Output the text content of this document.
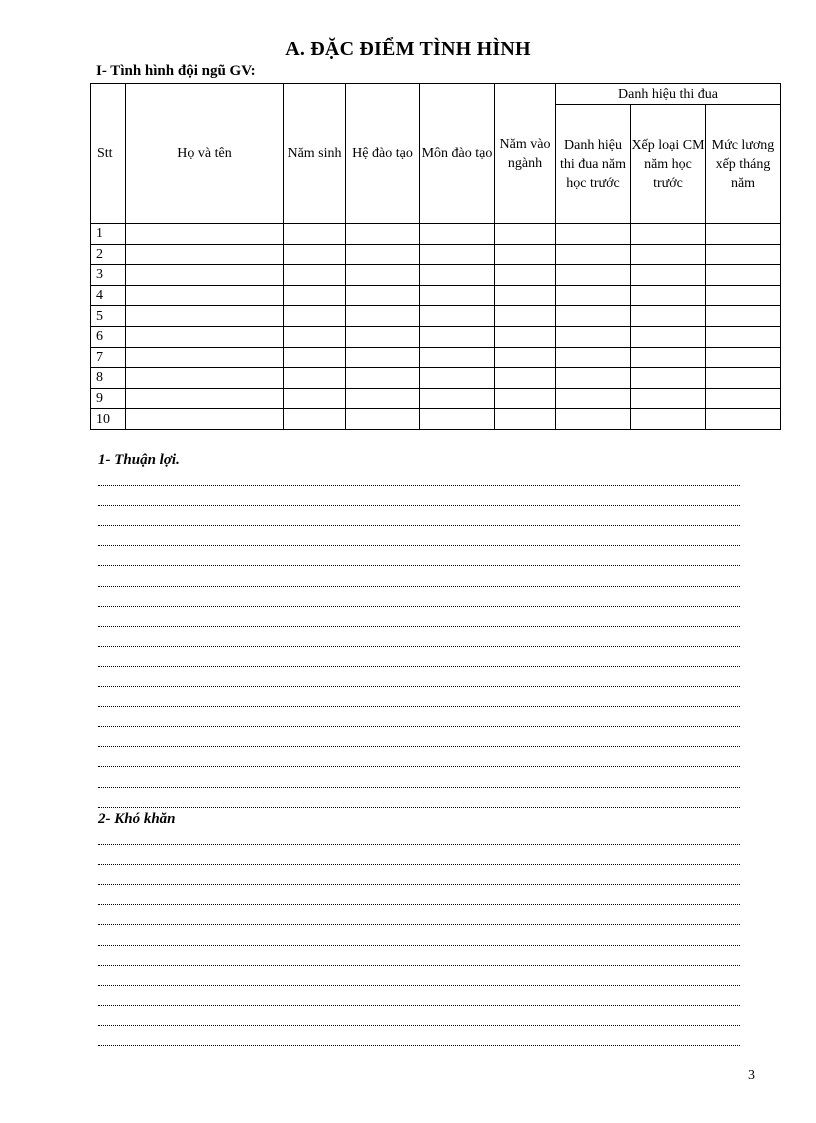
A. ĐẶC ĐIỂM TÌNH HÌNH
I- Tình hình đội ngũ GV:
Stt	Họ và tên	Năm sinh	Hệ đào tạo	Môn đào tạo	Năm vào ngành	Danh hiệu thi đua		
						Danh hiệu thi đua năm học trước	Xếp loại CM năm học trước	Mức lương xếp tháng năm
1								
2								
3								
4								
5								
6								
7								
8								
9								
10								
1- Thuận lợi.
2- Khó khăn
3
